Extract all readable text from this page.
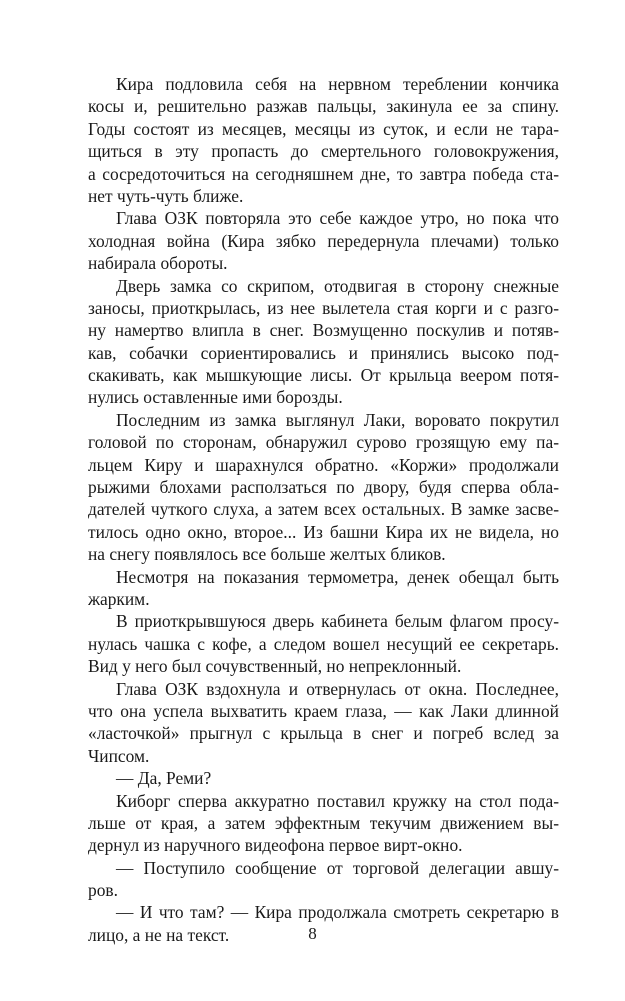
Кира подловила себя на нервном тереблении кончика
косы и, решительно разжав пальцы, закинула ее за спину.
Годы состоят из месяцев, месяцы из суток, и если не тара-
щиться в эту пропасть до смертельного головокружения,
а сосредоточиться на сегодняшнем дне, то завтра победа ста-
нет чуть-чуть ближе.
Глава ОЗК повторяла это себе каждое утро, но пока что
холодная война (Кира зябко передернула плечами) только
набирала обороты.
Дверь замка со скрипом, отодвигая в сторону снежные
заносы, приоткрылась, из нее вылетела стая корги и с разго-
ну намертво влипла в снег. Возмущенно поскулив и потяв-
кав, собачки сориентировались и принялись высоко под-
скакивать, как мышкующие лисы. От крыльца веером потя-
нулись оставленные ими борозды.
Последним из замка выглянул Лаки, вороватo покрутил
головой по сторонам, обнаружил сурово грозящую ему па-
льцем Киру и шарахнулся обратно. «Коржи» продолжали
рыжими блохами расползаться по двору, будя сперва обла-
дателей чуткого слуха, а затем всех остальных. В замке засве-
тилось одно окно, второе... Из башни Кира их не видела, но
на снегу появлялось все больше желтых бликов.
Несмотря на показания термометра, денек обещал быть
жарким.
В приоткрывшуюся дверь кабинета белым флагом просу-
нулась чашка с кофе, а следом вошел несущий ее секретарь.
Вид у него был сочувственный, но непреклонный.
Глава ОЗК вздохнула и отвернулась от окна. Последнее,
что она успела выхватить краем глаза, — как Лаки длинной
«ласточкой» прыгнул с крыльца в снег и погреб вслед за
Чипсом.
— Да, Реми?
Киборг сперва аккуратно поставил кружку на стол пода-
льше от края, а затем эффектным текучим движением вы-
дернул из наручного видеофона первое вирт-окно.
— Поступило сообщение от торговой делегации авшу-
ров.
— И что там? — Кира продолжала смотреть секретарю в
лицо, а не на текст.	8
